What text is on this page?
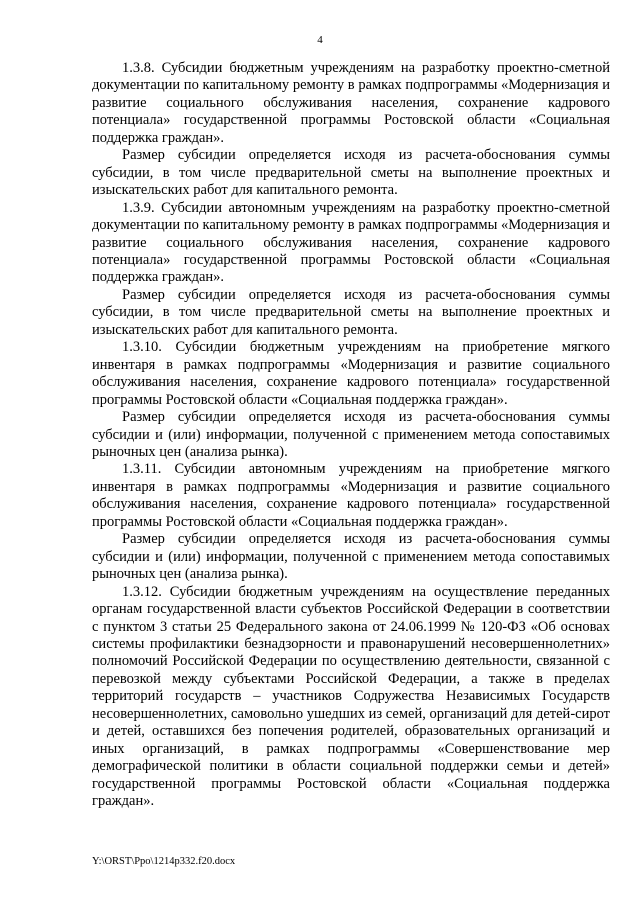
4

1.3.8. Субсидии бюджетным учреждениям на разработку проектно-сметной документации по капитальному ремонту в рамках подпрограммы «Модернизация и развитие социального обслуживания населения, сохранение кадрового потенциала» государственной программы Ростовской области «Социальная поддержка граждан».

Размер субсидии определяется исходя из расчета-обоснования суммы субсидии, в том числе предварительной сметы на выполнение проектных и изыскательских работ для капитального ремонта.

1.3.9. Субсидии автономным учреждениям на разработку проектно-сметной документации по капитальному ремонту в рамках подпрограммы «Модернизация и развитие социального обслуживания населения, сохранение кадрового потенциала» государственной программы Ростовской области «Социальная поддержка граждан».

Размер субсидии определяется исходя из расчета-обоснования суммы субсидии, в том числе предварительной сметы на выполнение проектных и изыскательских работ для капитального ремонта.

1.3.10. Субсидии бюджетным учреждениям на приобретение мягкого инвентаря в рамках подпрограммы «Модернизация и развитие социального обслуживания населения, сохранение кадрового потенциала» государственной программы Ростовской области «Социальная поддержка граждан».

Размер субсидии определяется исходя из расчета-обоснования суммы субсидии и (или) информации, полученной с применением метода сопоставимых рыночных цен (анализа рынка).

1.3.11. Субсидии автономным учреждениям на приобретение мягкого инвентаря в рамках подпрограммы «Модернизация и развитие социального обслуживания населения, сохранение кадрового потенциала» государственной программы Ростовской области «Социальная поддержка граждан».

Размер субсидии определяется исходя из расчета-обоснования суммы субсидии и (или) информации, полученной с применением метода сопоставимых рыночных цен (анализа рынка).

1.3.12. Субсидии бюджетным учреждениям на осуществление переданных органам государственной власти субъектов Российской Федерации в соответствии с пунктом 3 статьи 25 Федерального закона от 24.06.1999 № 120-ФЗ «Об основах системы профилактики безнадзорности и правонарушений несовершеннолетних» полномочий Российской Федерации по осуществлению деятельности, связанной с перевозкой между субъектами Российской Федерации, а также в пределах территорий государств – участников Содружества Независимых Государств несовершеннолетних, самовольно ушедших из семей, организаций для детей-сирот и детей, оставшихся без попечения родителей, образовательных организаций и иных организаций, в рамках подпрограммы «Совершенствование мер демографической политики в области социальной поддержки семьи и детей» государственной программы Ростовской области «Социальная поддержка граждан».

Y:\ORST\Ppo\1214p332.f20.docx
